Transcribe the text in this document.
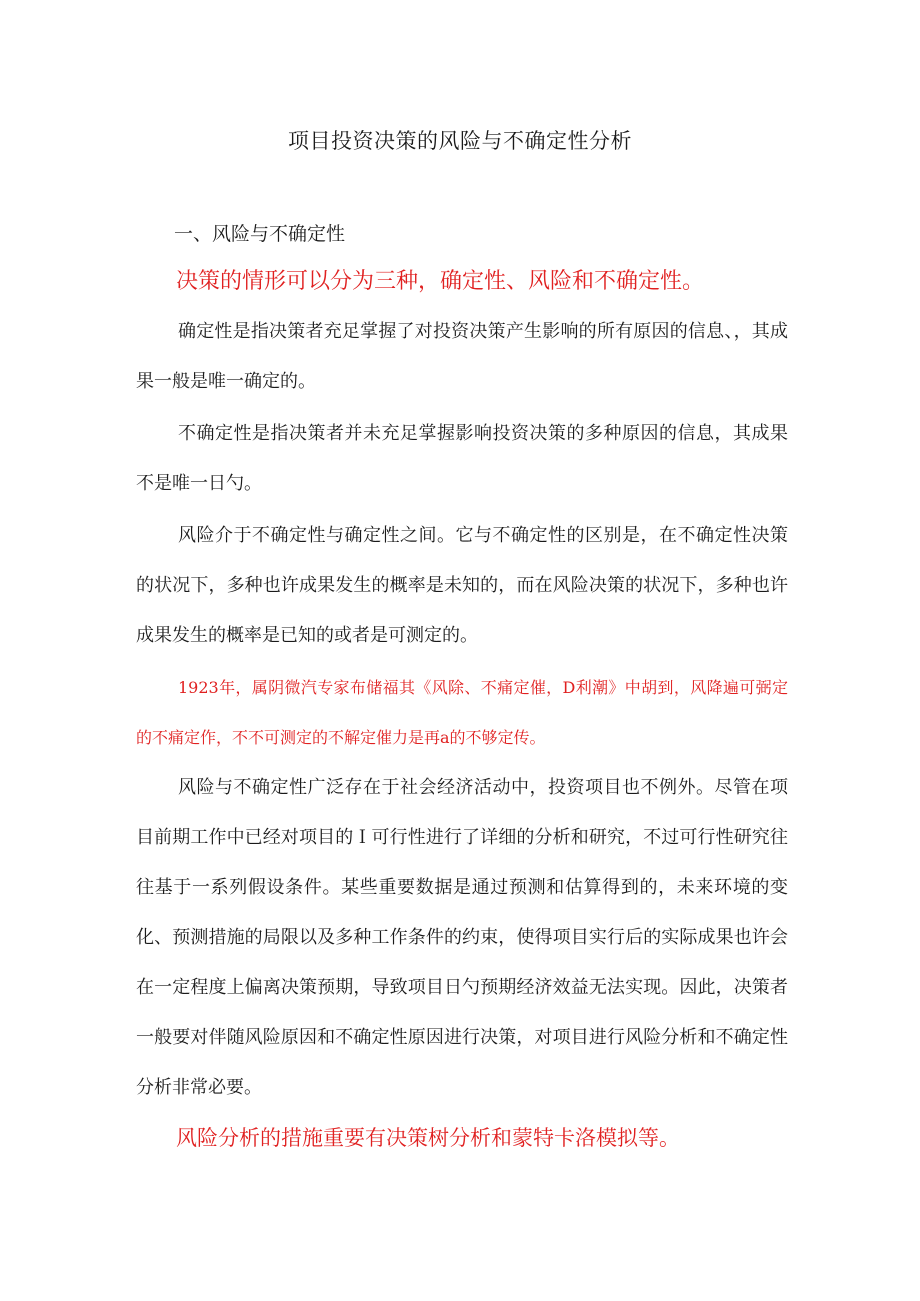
项目投资决策的风险与不确定性分析
一、风险与不确定性
决策的情形可以分为三种，确定性、风险和不确定性。

确定性是指决策者充足掌握了对投资决策产生影响的所有原因的信息、，其成果一般是唯一确定的。

不确定性是指决策者并未充足掌握影响投资决策的多种原因的信息，其成果不是唯一日勺。

风险介于不确定性与确定性之间。它与不确定性的区别是，在不确定性决策的状况下，多种也许成果发生的概率是未知的，而在风险决策的状况下，多种也许成果发生的概率是已知的或者是可测定的。

1923年，属阴微汽专家布储福其《风除、不痛定催，D利潮》中胡到，风降遍可弼定的不痛定作，不不可测定的不解定催力是再a的不够定传。

风险与不确定性广泛存在于社会经济活动中，投资项目也不例外。尽管在项目前期工作中已经对项目的Ｉ可行性进行了详细的分析和研究，不过可行性研究往往基于一系列假设条件。某些重要数据是通过预测和估算得到的，未来环境的变化、预测措施的局限以及多种工作条件的约束，使得项目实行后的实际成果也许会在一定程度上偏离决策预期，导致项目日勺预期经济效益无法实现。因此，决策者一般要对伴随风险原因和不确定性原因进行决策，对项目进行风险分析和不确定性分析非常必要。

风险分析的措施重要有决策树分析和蒙特卡洛模拟等。
